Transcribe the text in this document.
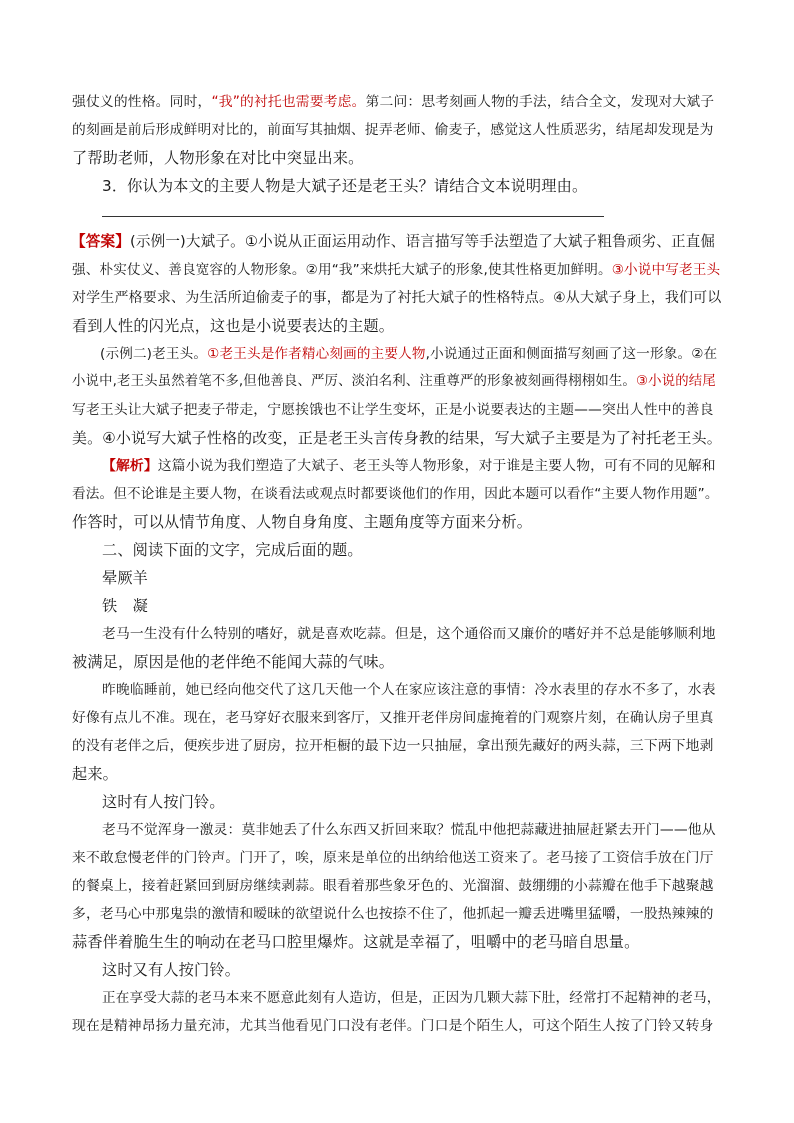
强仗义的性格。同时，“我”的衬托也需要考虑。第二问：思考刻画人物的手法，结合全文，发现对大斌子
的刻画是前后形成鲜明对比的，前面写其抽烟、捉弄老师、偷麦子，感觉这人性质恶劣，结尾却发现是为
了帮助老师，人物形象在对比中突显出来。
3．你认为本文的主要人物是大斌子还是老王头？请结合文本说明理由。
【答案】(示例一)大斌子。①小说从正面运用动作、语言描写等手法塑造了大斌子粗鲁顽劣、正直倔
强、朴实仗义、善良宽容的人物形象。②用“我”来烘托大斌子的形象,使其性格更加鲜明。③小说中写老王头
对学生严格要求、为生活所迫偷麦子的事，都是为了衬托大斌子的性格特点。④从大斌子身上，我们可以
看到人性的闪光点，这也是小说要表达的主题。
(示例二)老王头。①老王头是作者精心刻画的主要人物,小说通过正面和侧面描写刻画了这一形象。②在
小说中,老王头虽然着笔不多,但他善良、严厉、淡泊名利、注重尊严的形象被刻画得栩栩如生。③小说的结尾
写老王头让大斌子把麦子带走，宁愿挨饿也不让学生变坏，正是小说要表达的主题——突出人性中的善良
美。④小说写大斌子性格的改变，正是老王头言传身教的结果，写大斌子主要是为了衬托老王头。
【解析】这篇小说为我们塑造了大斌子、老王头等人物形象，对于谁是主要人物，可有不同的见解和
看法。但不论谁是主要人物，在谈看法或观点时都要谈他们的作用，因此本题可以看作“主要人物作用题”。
作答时，可以从情节角度、人物自身角度、主题角度等方面来分析。
二、阅读下面的文字，完成后面的题。
晕厥羊
铁　凝
老马一生没有什么特别的嗜好，就是喜欢吃蒜。但是，这个通俗而又廉价的嗜好并不总是能够顺利地
被满足，原因是他的老伴绝不能闻大蒜的气味。
昨晚临睡前，她已经向他交代了这几天他一个人在家应该注意的事情：冷水表里的存水不多了，水表
好像有点儿不准。现在，老马穿好衣服来到客厅，又推开老伴房间虚掩着的门观察片刻，在确认房子里真
的没有老伴之后，便疾步进了厨房，拉开柜橱的最下边一只抽屉，拿出预先藏好的两头蒜，三下两下地剥
起来。
这时有人按门铃。
老马不觉浑身一激灵：莫非她丢了什么东西又折回来取？慌乱中他把蒜藏进抽屉赶紧去开门——他从
来不敢怠慢老伴的门铃声。门开了，唉，原来是单位的出纳给他送工资来了。老马接了工资信手放在门厅
的餐桌上，接着赶紧回到厨房继续剥蒜。眼看着那些象牙色的、光溜溜、鼓绷绷的小蒜瓣在他手下越聚越
多，老马心中那鬼祟的激情和暧昧的欲望说什么也按捺不住了，他抓起一瓣丢进嘴里猛嚼，一股热辣辣的
蒜香伴着脆生生的响动在老马口腔里爆炸。这就是幸福了，咀嚼中的老马暗自思量。
这时又有人按门铃。
正在享受大蒜的老马本来不愿意此刻有人造访，但是，正因为几颗大蒜下肚，经常打不起精神的老马，
现在是精神昂扬力量充沛，尤其当他看见门口没有老伴。门口是个陌生人，可这个陌生人按了门铃又转身
